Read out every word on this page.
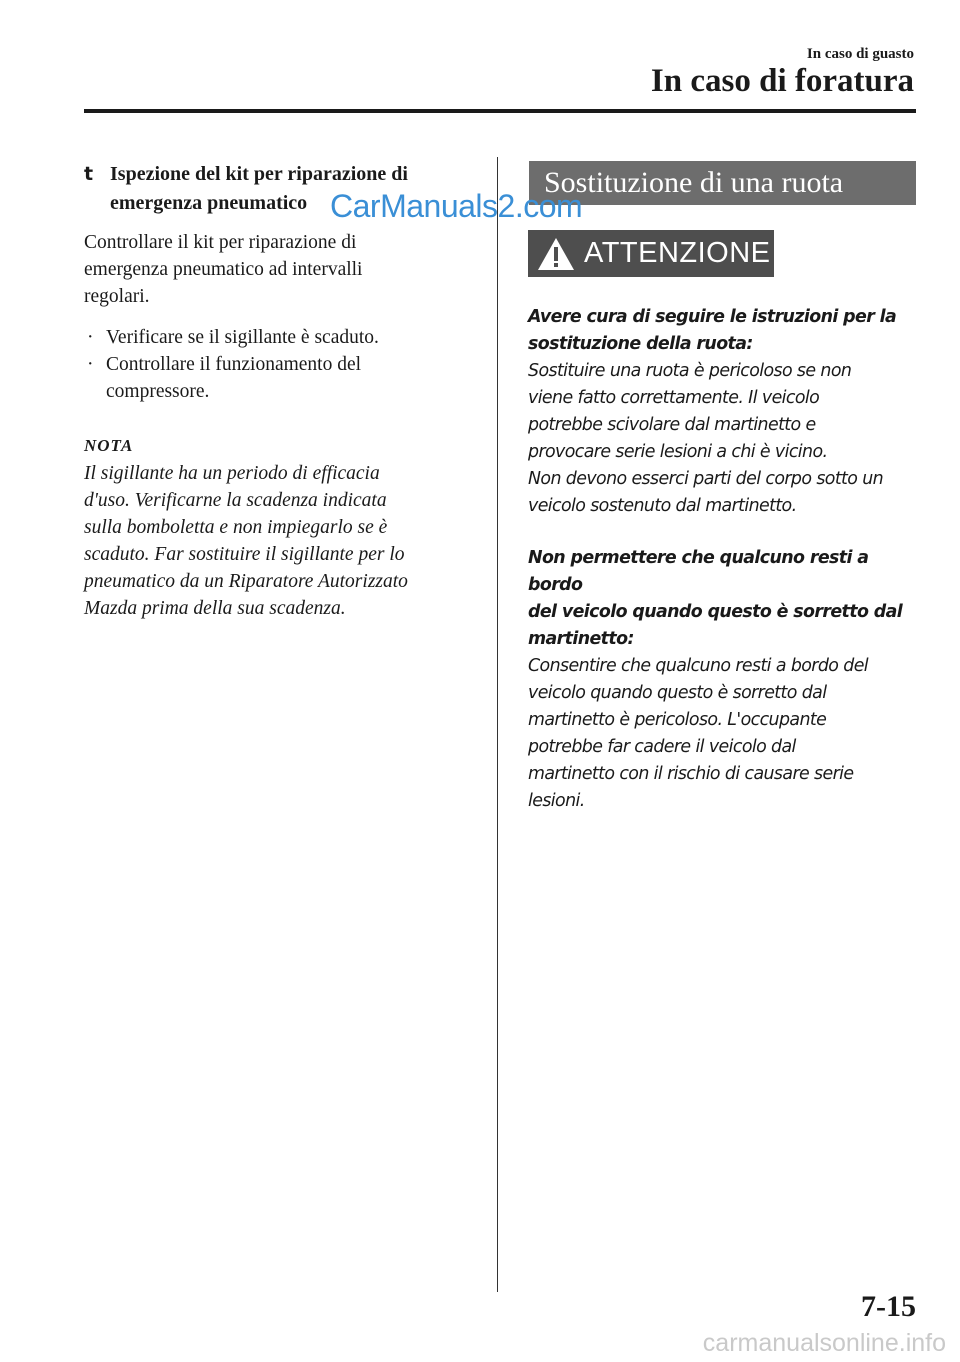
In caso di guasto
In caso di foratura
t Ispezione del kit per riparazione di
emergenza pneumatico
Controllare il kit per riparazione di
emergenza pneumatico ad intervalli
regolari.
· Verificare se il sigillante è scaduto.
· Controllare il funzionamento del
compressore.
NOTA
Il sigillante ha un periodo di efficacia
d'uso. Verificarne la scadenza indicata
sulla bomboletta e non impiegarlo se è
scaduto. Far sostituire il sigillante per lo
pneumatico da un Riparatore Autorizzato
Mazda prima della sua scadenza.
Sostituzione di una ruota
ATTENZIONE

Avere cura di seguire le istruzioni per la

sostituzione della ruota:

Sostituire una ruota è pericoloso se non

viene fatto correttamente. Il veicolo

potrebbe scivolare dal martinetto e

provocare serie lesioni a chi è vicino.

Non devono esserci parti del corpo sotto un

veicolo sostenuto dal martinetto.

Non permettere che qualcuno resti a bordo

del veicolo quando questo è sorretto dal

martinetto:

Consentire che qualcuno resti a bordo del

veicolo quando questo è sorretto dal

martinetto è pericoloso. L'occupante

potrebbe far cadere il veicolo dal

martinetto con il rischio di causare serie

lesioni.

CarManuals2.com
7-15
carmanualsonline.info
